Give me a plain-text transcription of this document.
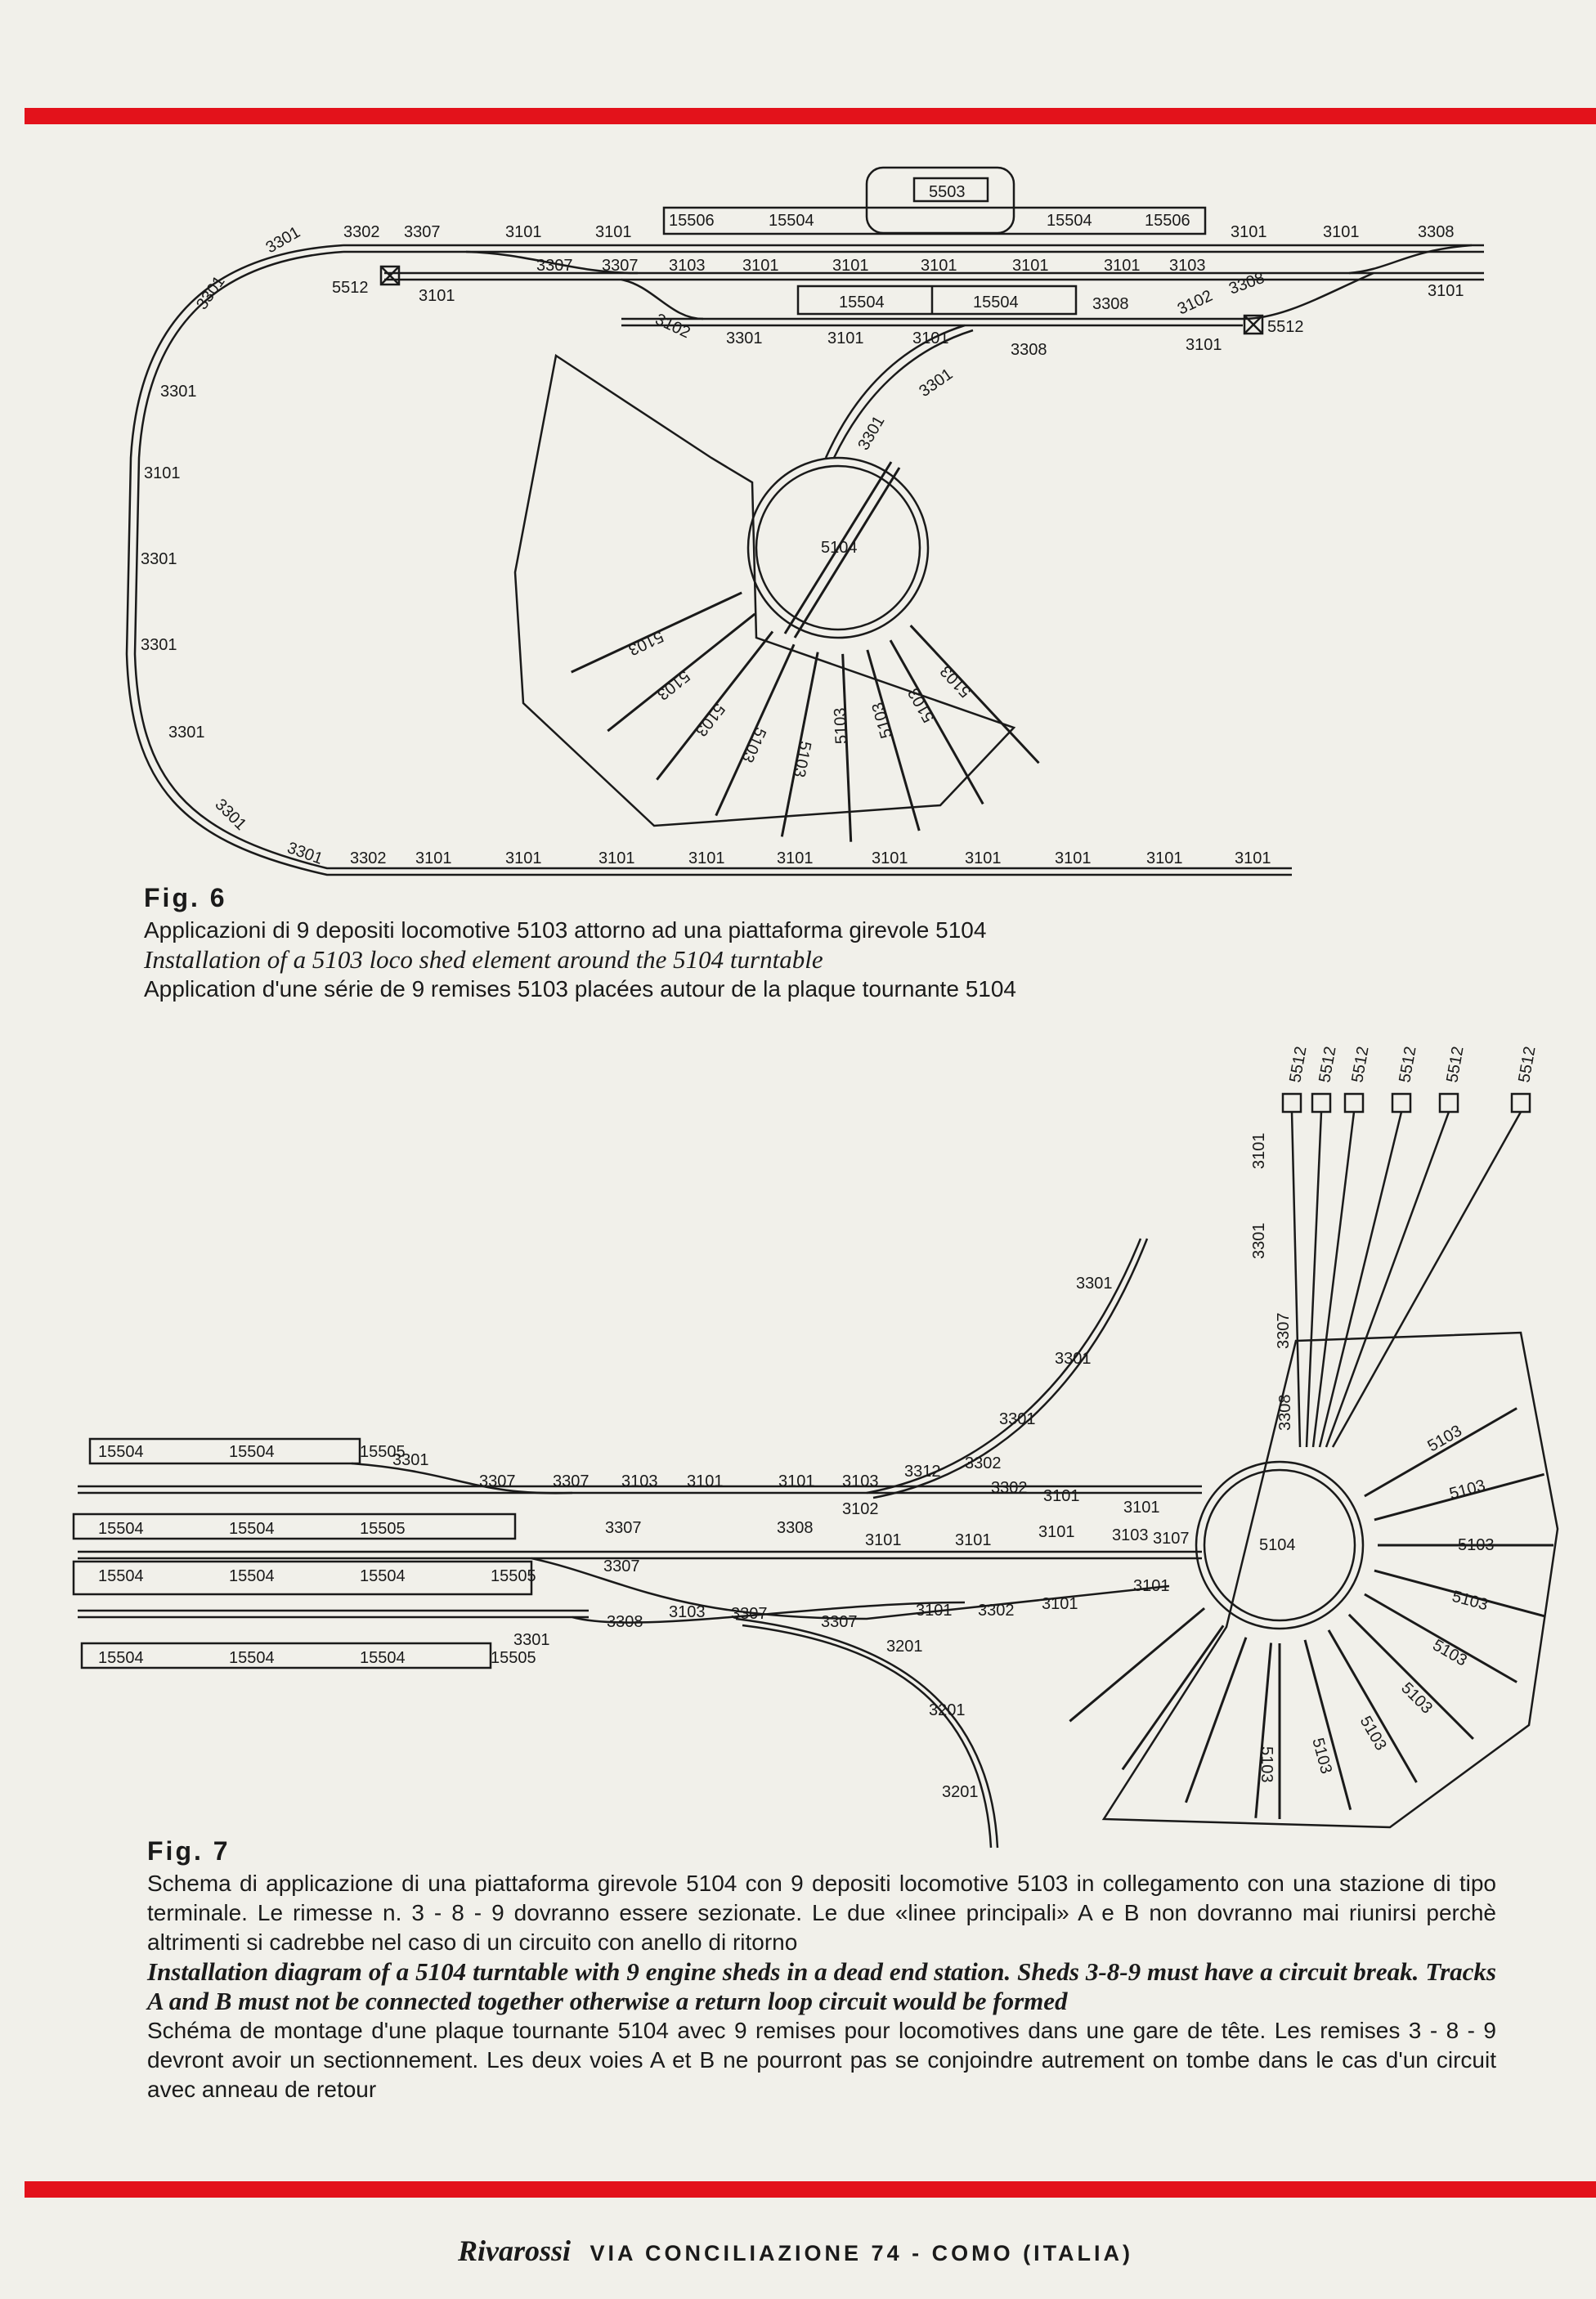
5103
5103
5103
5103 5103
5103 5103 5103
5103
3302 3307	3101	3101	3101	3101	3308
3302 3101	3101	3101	3101	3101	3101	3101	3101	3101	3101
3301
3301
3301
3101
3301
3301
3301
3301
3301
3307 3307 3103 3101	3101	3101	3101	3101 3103
5512	3101
3102 3301	3101	3101
3308
3308	3102
3308
3101
5512
3101
3301
3301
5103
5103
5103
5103
5103
5103
5103
5103
5103
5512 5512 5512 5512 5512	5512
3101
3301
3307
3308
3301
3307 3307 3103 3101	3101 3103
3312 3302
3302 3101
3101
3307	3308
3102
3101	3101	3101 3103 3107
3307
3308
3103 3307	3307
3101 3302 3101
3101
3301	3201
3201
3201
3301
3301
3301
15504	15504	15505
15504	15504	15505
15504	15504	15504	15505
15504	15504	15504	15505
5503
15506	15504	15504	15506
15504	15504
5104
5104

Fig. 6

Applicazioni di 9 depositi locomotive 5103 attorno ad una piattaforma girevole 5104

Installation of a 5103 loco shed element around the 5104 turntable

Application d'une série de 9 remises 5103 placées autour de la plaque tournante 5104

Fig. 7

Schema di applicazione di una piattaforma girevole 5104 con 9 depositi locomotive 5103 in collegamento con una stazione di tipo terminale. Le rimesse n. 3 - 8 - 9 dovranno essere sezionate. Le due «linee principali» A e B non dovranno mai riunirsi perchè altrimenti si cadrebbe nel caso di un circuito con anello di ritorno

Installation diagram of a 5104 turntable with 9 engine sheds in a dead end station. Sheds 3-8-9 must have a circuit break. Tracks A and B must not be connected together otherwise a return loop circuit would be formed

Schéma de montage d'une plaque tournante 5104 avec 9 remises pour locomotives dans une gare de tête. Les remises 3 - 8 - 9 devront avoir un sectionnement. Les deux voies A et B ne pourront pas se conjoindre autrement on tombe dans le cas d'un circuit avec anneau de retour

Rivarossi VIA CONCILIAZIONE 74 - COMO (ITALIA)
